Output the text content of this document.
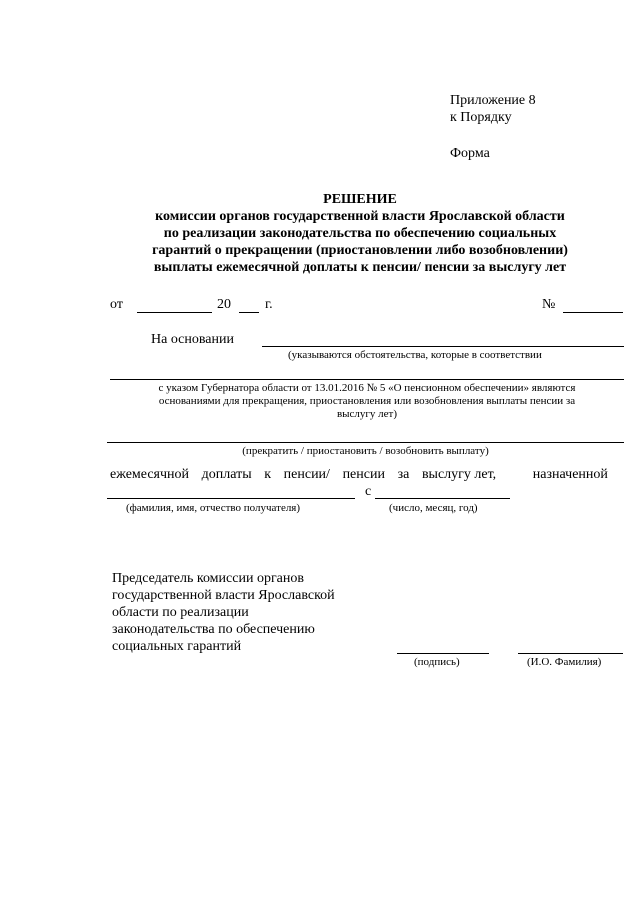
Приложение 8
к Порядку
Форма
РЕШЕНИЕ
комиссии органов государственной власти Ярославской области
по реализации законодательства по обеспечению социальных
гарантий о прекращении (приостановлении либо возобновлении)
выплаты ежемесячной доплаты к пенсии/ пенсии за выслугу лет
от	20 г.	№
На основании
(указываются обстоятельства, которые в соответствии
с указом Губернатора области от 13.01.2016 № 5 «О пенсионном обеспечении» являются
основаниями для прекращения, приостановления или возобновления выплаты пенсии за
выслугу лет)
(прекратить / приостановить / возобновить выплату)
ежемесячной доплаты к пенсии/ пенсии за выслугу лет,	назначенной
с
(фамилия, имя, отчество получателя)	(число, месяц, год)
Председатель комиссии органов
государственной власти Ярославской
области по реализации
законодательства по обеспечению
социальных гарантий
(подпись)	(И.О. Фамилия)
